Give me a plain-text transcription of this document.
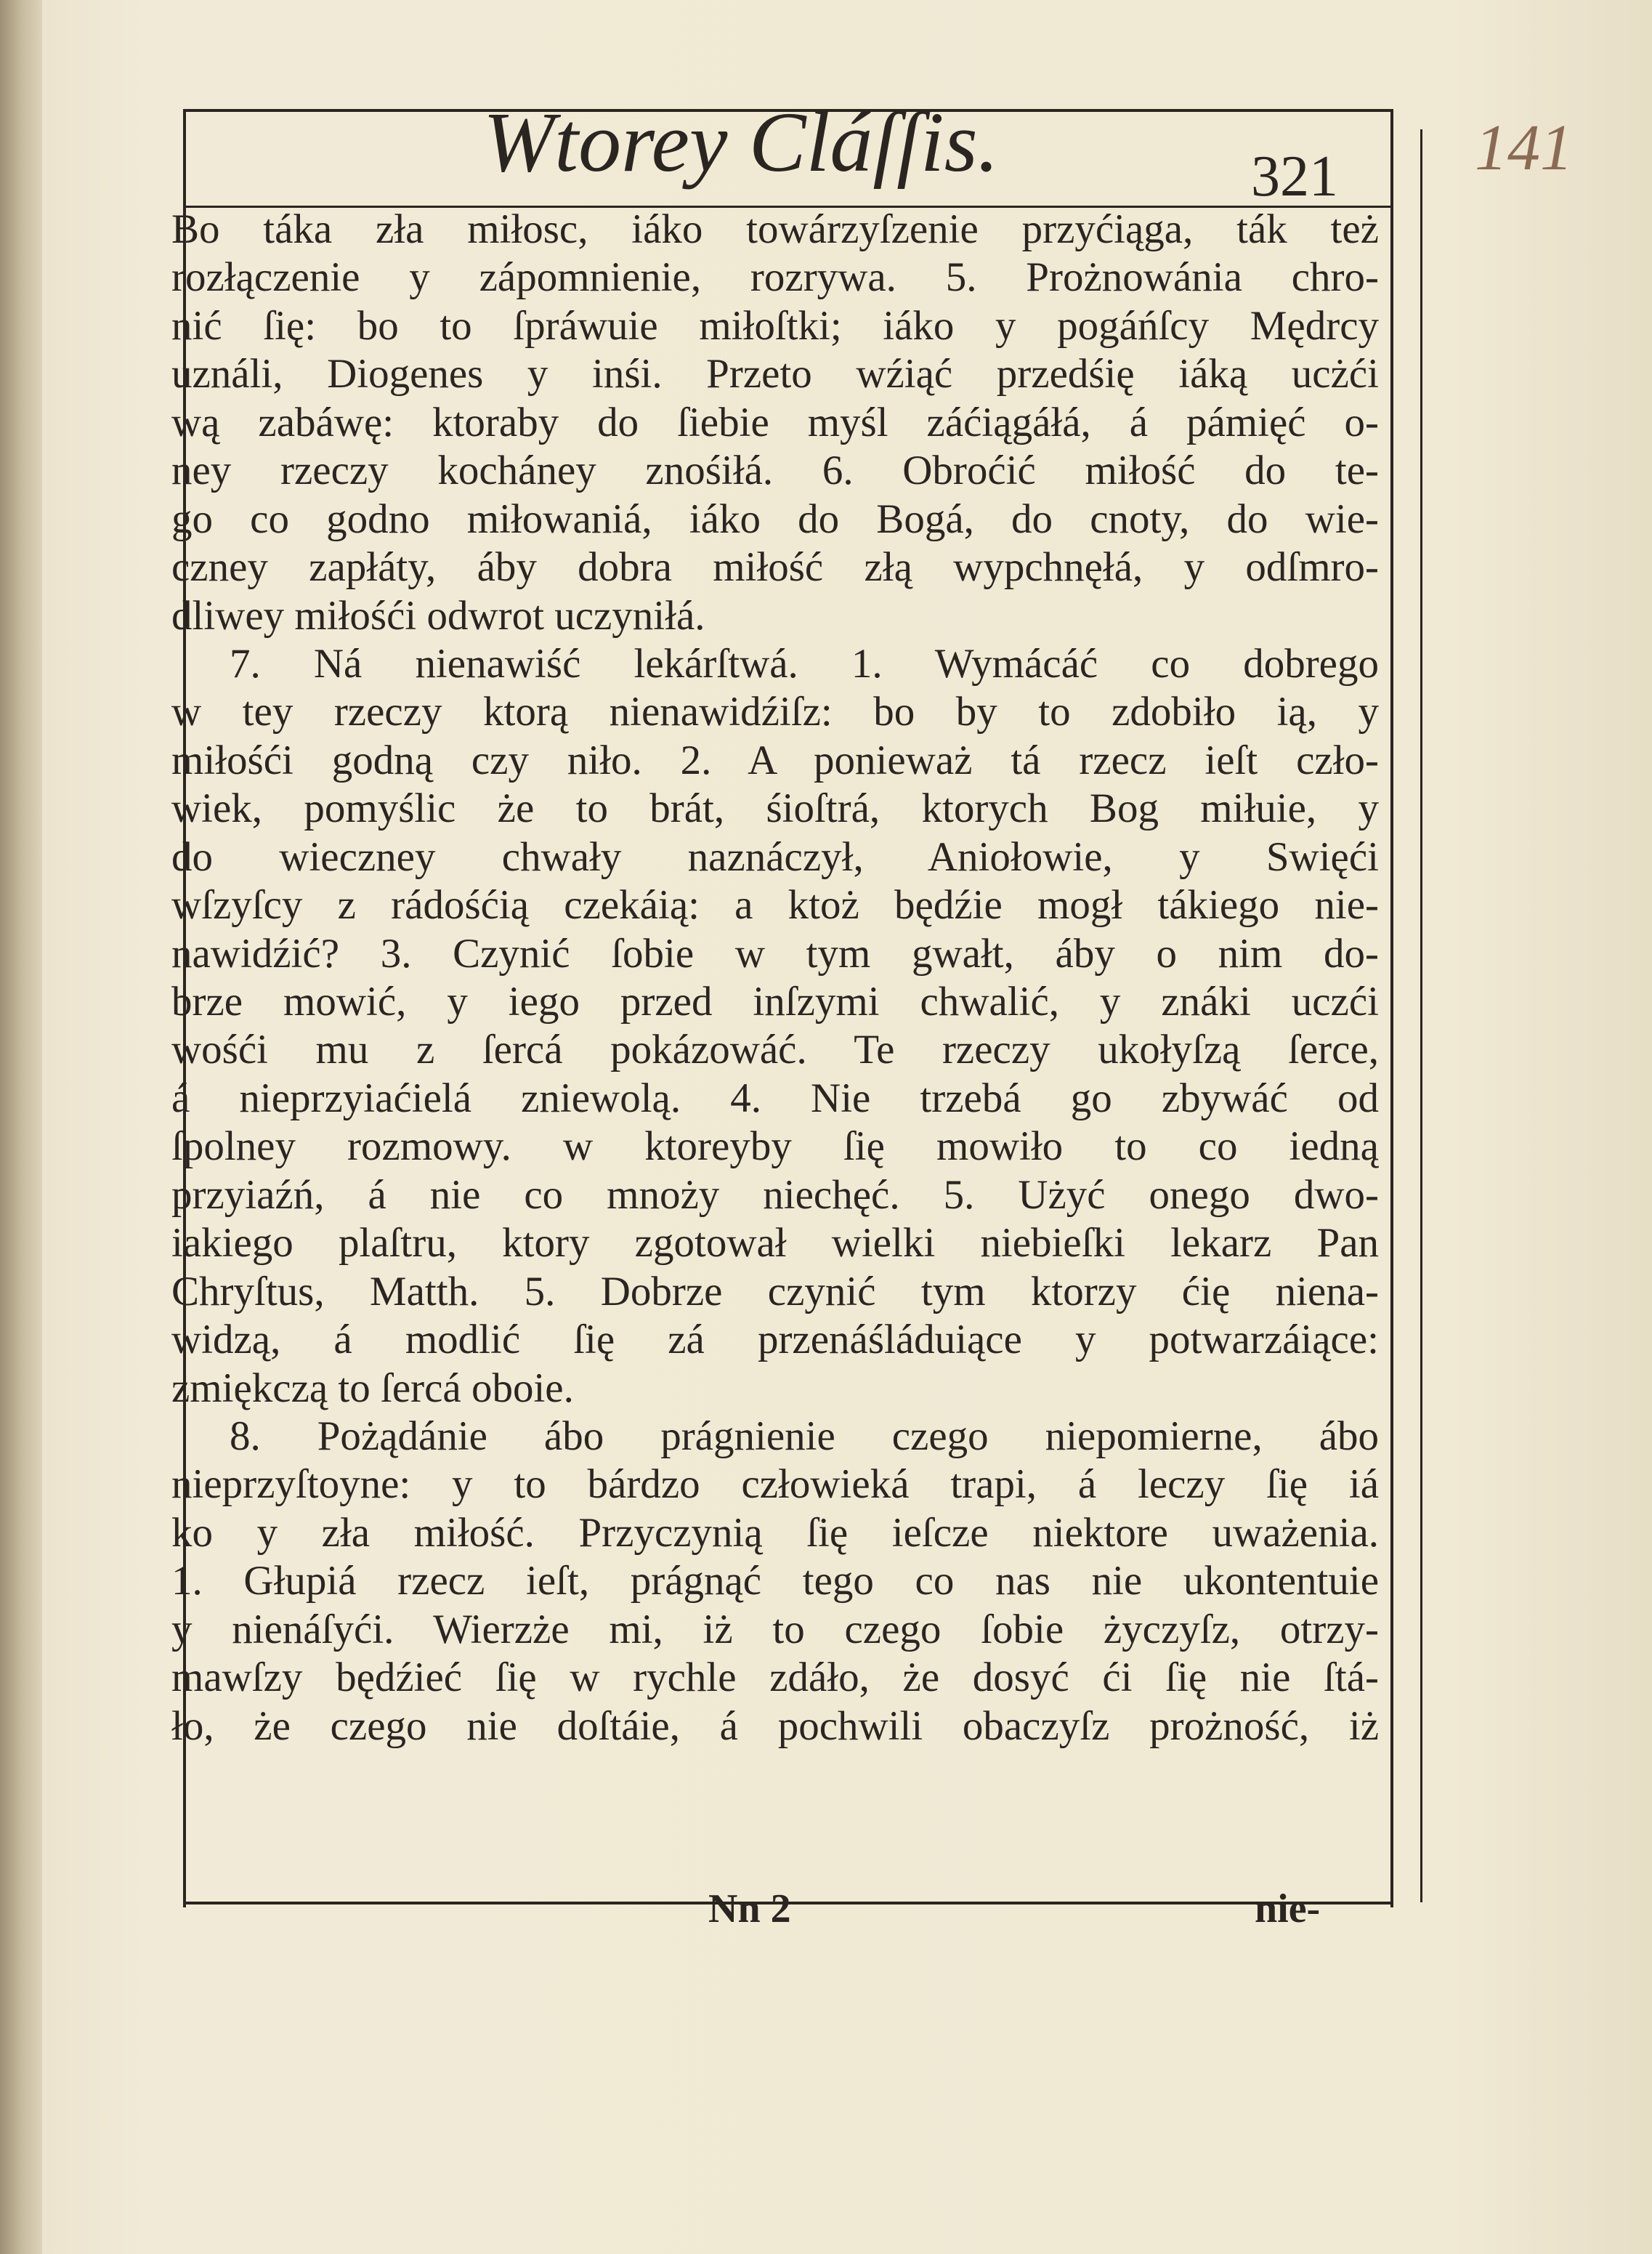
Wtorey Cláſſis.	321	141
Bo táka zła miłosc, iáko towárzyſzenie przyćiąga, ták też
rozłączenie y zápomnienie, rozrywa. 5. Prożnowánia chro-
nić ſię: bo to ſpráwuie miłoſtki; iáko y pogáńſcy Mędrcy
uználi, Diogenes y inśi. Przeto wźiąć przedśię iáką ucżći
wą zabáwę: ktoraby do ſiebie myśl záćiągáłá, á pámięć o-
ney rzeczy kocháney znośiłá. 6. Obroćić miłość do te-
go co godno miłowaniá, iáko do Bogá, do cnoty, do wie-
czney zapłáty, áby dobra miłość złą wypchnęłá, y odſmro-
dliwey miłośći odwrot uczyniłá.
7. Ná nienawiść lekárſtwá. 1. Wymácáć co dobrego
w tey rzeczy ktorą nienawidźiſz: bo by to zdobiło ią, y
miłośći godną czy niło. 2. A ponieważ tá rzecz ieſt czło-
wiek, pomyślic że to brát, śioſtrá, ktorych Bog miłuie, y
do wieczney chwały naznáczył, Aniołowie, y Swięći
wſzyſcy z rádośćią czekáią: a ktoż będźie mogł tákiego nie-
nawidźić? 3. Czynić ſobie w tym gwałt, áby o nim do-
brze mowić, y iego przed inſzymi chwalić, y znáki uczći
wośći mu z ſercá pokázowáć. Te rzeczy ukołyſzą ſerce,
á nieprzyiaćielá zniewolą. 4. Nie trzebá go zbywáć od
ſpolney rozmowy. w ktoreyby ſię mowiło to co iedną
przyiaźń, á nie co mnoży niechęć. 5. Użyć onego dwo-
iakiego plaſtru, ktory zgotował wielki niebieſki lekarz Pan
Chryſtus, Matth. 5. Dobrze czynić tym ktorzy ćię niena-
widzą, á modlić ſię zá przenáśláduiące y potwarzáiące:
zmiękczą to ſercá oboie.
8. Pożądánie ábo prágnienie czego niepomierne, ábo
nieprzyſtoyne: y to bárdzo człowieká trapi, á leczy ſię iá
ko y zła miłość. Przyczynią ſię ieſcze niektore uważenia.
1. Głupiá rzecz ieſt, prágnąć tego co nas nie ukontentuie
y nienáſyći. Wierzże mi, iż to czego ſobie życzyſz, otrzy-
mawſzy będźieć ſię w rychle zdáło, że dosyć ći ſię nie ſtá-
ło, że czego nie doſtáie, á pochwili obaczyſz prożność, iż
Nn 2	nie-
